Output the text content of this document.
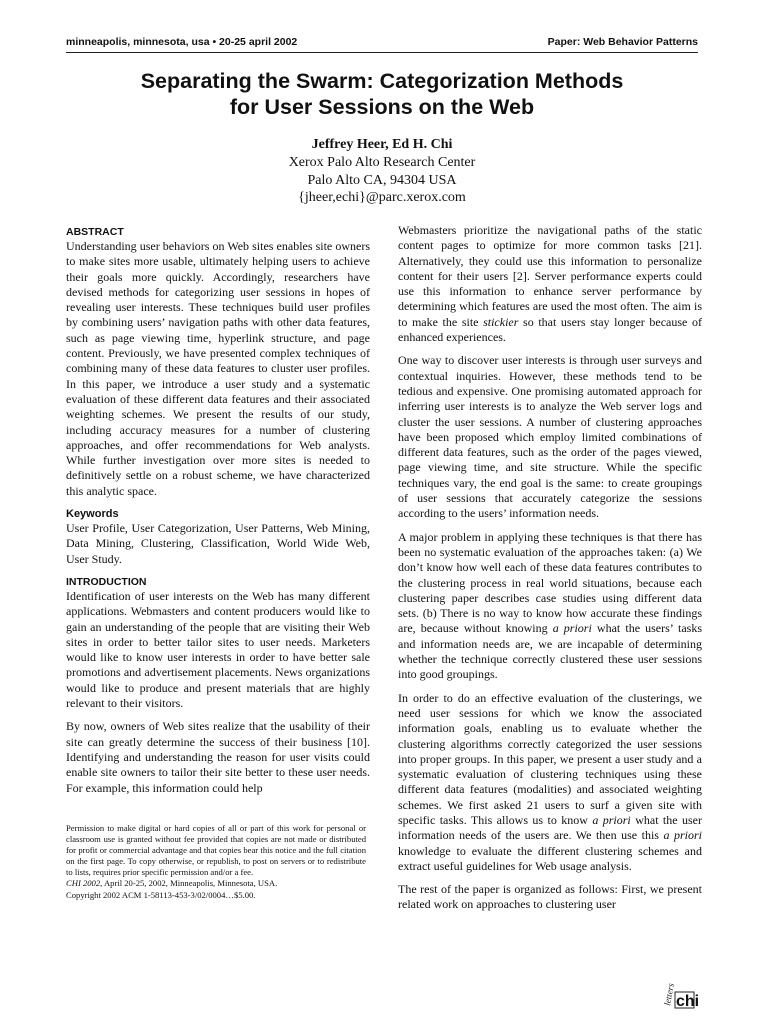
minneapolis, minnesota, usa • 20-25 april 2002	Paper: Web Behavior Patterns
Separating the Swarm: Categorization Methods
for User Sessions on the Web
Jeffrey Heer, Ed H. Chi
Xerox Palo Alto Research Center
Palo Alto CA, 94304 USA
{jheer,echi}@parc.xerox.com
ABSTRACT

Understanding user behaviors on Web sites enables site owners to make sites more usable, ultimately helping users to achieve their goals more quickly. Accordingly, researchers have devised methods for categorizing user sessions in hopes of revealing user interests. These techniques build user profiles by combining users’ navigation paths with other data features, such as page viewing time, hyperlink structure, and page content. Previously, we have presented complex techniques of combining many of these data features to cluster user profiles. In this paper, we introduce a user study and a systematic evaluation of these different data features and their associated weighting schemes. We present the results of our study, including accuracy measures for a number of clustering approaches, and offer recommendations for Web analysts. While further investigation over more sites is needed to definitively settle on a robust scheme, we have characterized this analytic space.

Keywords

User Profile, User Categorization, User Patterns, Web Mining, Data Mining, Clustering, Classification, World Wide Web, User Study.

INTRODUCTION

Identification of user interests on the Web has many different applications. Webmasters and content producers would like to gain an understanding of the people that are visiting their Web sites in order to better tailor sites to user needs. Marketers would like to know user interests in order to have better sale promotions and advertisement placements. News organizations would like to produce and present materials that are highly relevant to their visitors.

By now, owners of Web sites realize that the usability of their site can greatly determine the success of their business [10]. Identifying and understanding the reason for user visits could enable site owners to tailor their site better to these user needs. For example, this information could help

Permission to make digital or hard copies of all or part of this work for personal or classroom use is granted without fee provided that copies are not made or distributed for profit or commercial advantage and that copies bear this notice and the full citation on the first page. To copy otherwise, or republish, to post on servers or to redistribute to lists, requires prior specific permission and/or a fee.

CHI 2002, April 20-25, 2002, Minneapolis, Minnesota, USA.

Copyright 2002 ACM 1-58113-453-3/02/0004…$5.00.

Webmasters prioritize the navigational paths of the static content pages to optimize for more common tasks [21]. Alternatively, they could use this information to personalize content for their users [2]. Server performance experts could use this information to enhance server performance by determining which features are used the most often. The aim is to make the site stickier so that users stay longer because of enhanced experiences.

One way to discover user interests is through user surveys and contextual inquiries. However, these methods tend to be tedious and expensive. One promising automated approach for inferring user interests is to analyze the Web server logs and cluster the user sessions. A number of clustering approaches have been proposed which employ limited combinations of different data features, such as the order of the pages viewed, page viewing time, and site structure. While the specific techniques vary, the end goal is the same: to create groupings of user sessions that accurately categorize the sessions according to the users’ information needs.

A major problem in applying these techniques is that there has been no systematic evaluation of the approaches taken: (a) We don’t know how well each of these data features contributes to the clustering process in real world situations, because each clustering paper describes case studies using different data sets. (b) There is no way to know how accurate these findings are, because without knowing a priori what the users’ tasks and information needs are, we are incapable of determining whether the technique correctly clustered these user sessions into good groupings.

In order to do an effective evaluation of the clusterings, we need user sessions for which we know the associated information goals, enabling us to evaluate whether the clustering algorithms correctly categorized the user sessions into proper groups. In this paper, we present a user study and a systematic evaluation of clustering techniques using these different data features (modalities) and associated weighting schemes. We first asked 21 users to surf a given site with specific tasks. This allows us to know a priori what the user information needs of the users are. We then use this a priori knowledge to evaluate the different clustering schemes and extract useful guidelines for Web usage analysis.

The rest of the paper is organized as follows: First, we present related work on approaches to clustering user

letters chi
